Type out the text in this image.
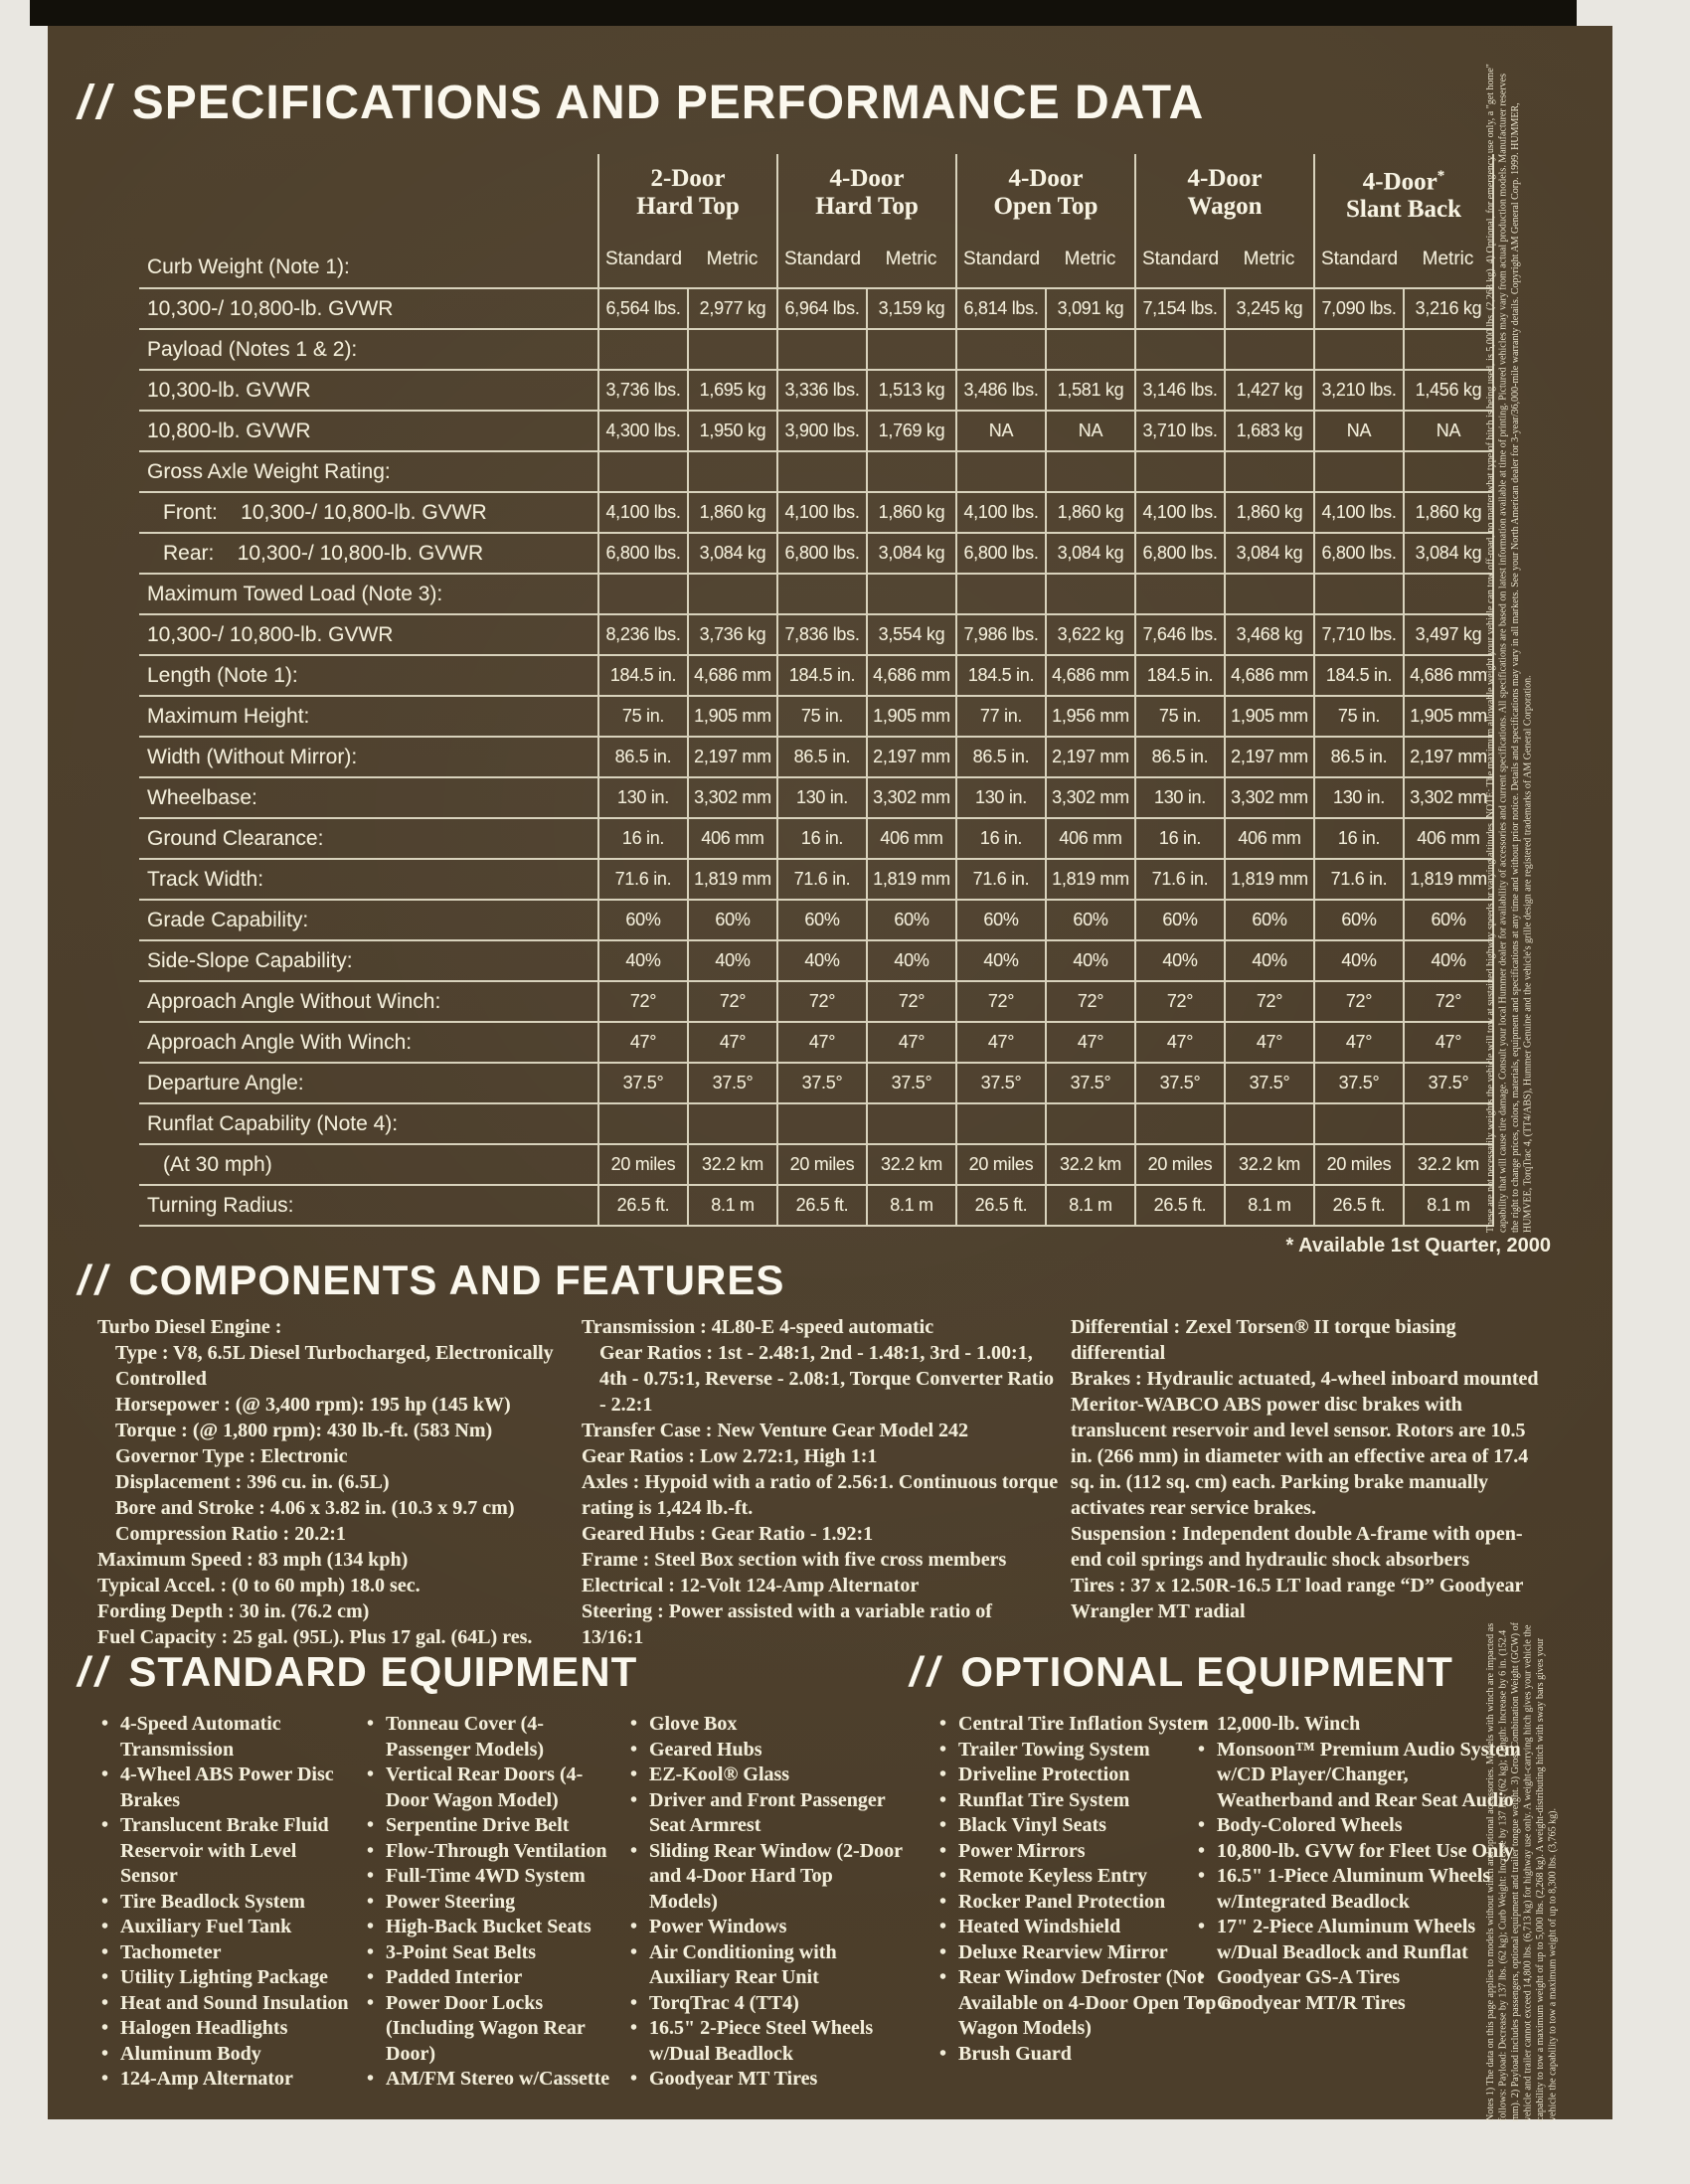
// SPECIFICATIONS AND PERFORMANCE DATA

2-Door
Hard Top

4-Door
Hard Top

4-Door
Open Top

4-Door
Wagon

4-Door*
Slant Back

Curb Weight (Note 1):	Standard	Metric	Standard	Metric	Standard	Metric	Standard	Metric	Standard	Metric
10,300-/ 10,800-lb. GVWR	6,564 lbs.	2,977 kg	6,964 lbs.	3,159 kg	6,814 lbs.	3,091 kg	7,154 lbs.	3,245 kg	7,090 lbs.	3,216 kg
Payload (Notes 1 & 2):										
10,300-lb. GVWR	3,736 lbs.	1,695 kg	3,336 lbs.	1,513 kg	3,486 lbs.	1,581 kg	3,146 lbs.	1,427 kg	3,210 lbs.	1,456 kg
10,800-lb. GVWR	4,300 lbs.	1,950 kg	3,900 lbs.	1,769 kg	NA	NA	3,710 lbs.	1,683 kg	NA	NA
Gross Axle Weight Rating:										
Front:    10,300-/ 10,800-lb. GVWR	4,100 lbs.	1,860 kg	4,100 lbs.	1,860 kg	4,100 lbs.	1,860 kg	4,100 lbs.	1,860 kg	4,100 lbs.	1,860 kg
Rear:    10,300-/ 10,800-lb. GVWR	6,800 lbs.	3,084 kg	6,800 lbs.	3,084 kg	6,800 lbs.	3,084 kg	6,800 lbs.	3,084 kg	6,800 lbs.	3,084 kg
Maximum Towed Load (Note 3):										
10,300-/ 10,800-lb. GVWR	8,236 lbs.	3,736 kg	7,836 lbs.	3,554 kg	7,986 lbs.	3,622 kg	7,646 lbs.	3,468 kg	7,710 lbs.	3,497 kg
Length (Note 1):	184.5 in.	4,686 mm	184.5 in.	4,686 mm	184.5 in.	4,686 mm	184.5 in.	4,686 mm	184.5 in.	4,686 mm
Maximum Height:	75 in.	1,905 mm	75 in.	1,905 mm	77 in.	1,956 mm	75 in.	1,905 mm	75 in.	1,905 mm
Width (Without Mirror):	86.5 in.	2,197 mm	86.5 in.	2,197 mm	86.5 in.	2,197 mm	86.5 in.	2,197 mm	86.5 in.	2,197 mm
Wheelbase:	130 in.	3,302 mm	130 in.	3,302 mm	130 in.	3,302 mm	130 in.	3,302 mm	130 in.	3,302 mm
Ground Clearance:	16 in.	406 mm	16 in.	406 mm	16 in.	406 mm	16 in.	406 mm	16 in.	406 mm
Track Width:	71.6 in.	1,819 mm	71.6 in.	1,819 mm	71.6 in.	1,819 mm	71.6 in.	1,819 mm	71.6 in.	1,819 mm
Grade Capability:	60%	60%	60%	60%	60%	60%	60%	60%	60%	60%
Side-Slope Capability:	40%	40%	40%	40%	40%	40%	40%	40%	40%	40%
Approach Angle Without Winch:	72°	72°	72°	72°	72°	72°	72°	72°	72°	72°
Approach Angle With Winch:	47°	47°	47°	47°	47°	47°	47°	47°	47°	47°
Departure Angle:	37.5°	37.5°	37.5°	37.5°	37.5°	37.5°	37.5°	37.5°	37.5°	37.5°
Runflat Capability (Note 4):										
(At 30 mph)	20 miles	32.2 km	20 miles	32.2 km	20 miles	32.2 km	20 miles	32.2 km	20 miles	32.2 km
Turning Radius:	26.5 ft.	8.1 m	26.5 ft.	8.1 m	26.5 ft.	8.1 m	26.5 ft.	8.1 m	26.5 ft.	8.1 m
* Available 1st Quarter, 2000
// COMPONENTS AND FEATURES
Turbo Diesel Engine :
Type : V8, 6.5L Diesel Turbocharged, Electronically Controlled
Horsepower : (@ 3,400 rpm): 195 hp (145 kW)
Torque : (@ 1,800 rpm): 430 lb.-ft. (583 Nm)
Governor Type : Electronic
Displacement : 396 cu. in. (6.5L)
Bore and Stroke : 4.06 x 3.82 in. (10.3 x 9.7 cm)
Compression Ratio : 20.2:1
Maximum Speed : 83 mph (134 kph)
Typical Accel. : (0 to 60 mph) 18.0 sec.
Fording Depth : 30 in. (76.2 cm)
Fuel Capacity : 25 gal. (95L). Plus 17 gal. (64L) res.
Transmission : 4L80-E 4-speed automatic
Gear Ratios : 1st - 2.48:1, 2nd - 1.48:1, 3rd - 1.00:1, 4th - 0.75:1, Reverse - 2.08:1, Torque Converter Ratio - 2.2:1
Transfer Case : New Venture Gear Model 242
Gear Ratios : Low 2.72:1, High 1:1
Axles : Hypoid with a ratio of 2.56:1. Continuous torque rating is 1,424 lb.-ft.
Geared Hubs : Gear Ratio - 1.92:1
Frame : Steel Box section with five cross members
Electrical : 12-Volt 124-Amp Alternator
Steering : Power assisted with a variable ratio of 13/16:1
Differential : Zexel Torsen® II torque biasing differential
Brakes : Hydraulic actuated, 4-wheel inboard mounted Meritor-WABCO ABS power disc brakes with translucent reservoir and level sensor. Rotors are 10.5 in. (266 mm) in diameter with an effective area of 17.4 sq. in. (112 sq. cm) each. Parking brake manually activates rear service brakes.
Suspension : Independent double A-frame with open-end coil springs and hydraulic shock absorbers
Tires : 37 x 12.50R-16.5 LT load range “D” Goodyear Wrangler MT radial
// STANDARD EQUIPMENT	// OPTIONAL EQUIPMENT
• 4-Speed Automatic Transmission
• 4-Wheel ABS Power Disc Brakes
• Translucent Brake Fluid Reservoir with Level Sensor
• Tire Beadlock System
• Auxiliary Fuel Tank
• Tachometer
• Utility Lighting Package
• Heat and Sound Insulation
• Halogen Headlights
• Aluminum Body
• 124-Amp Alternator
• Tonneau Cover (4-Passenger Models)
• Vertical Rear Doors (4-Door Wagon Model)
• Serpentine Drive Belt
• Flow-Through Ventilation
• Full-Time 4WD System
• Power Steering
• High-Back Bucket Seats
• 3-Point Seat Belts
• Padded Interior
• Power Door Locks (Including Wagon Rear Door)
• AM/FM Stereo w/Cassette
• Glove Box
• Geared Hubs
• EZ-Kool® Glass
• Driver and Front Passenger Seat Armrest
• Sliding Rear Window (2-Door and 4-Door Hard Top Models)
• Power Windows
• Air Conditioning with Auxiliary Rear Unit
• TorqTrac 4 (TT4)
• 16.5" 2-Piece Steel Wheels w/Dual Beadlock
• Goodyear MT Tires
• Central Tire Inflation System
• Trailer Towing System
• Driveline Protection
• Runflat Tire System
• Black Vinyl Seats
• Power Mirrors
• Remote Keyless Entry
• Rocker Panel Protection
• Heated Windshield
• Deluxe Rearview Mirror
• Rear Window Defroster (Not Available on 4-Door Open Top or Wagon Models)
• Brush Guard
• 12,000-lb. Winch
• Monsoon™ Premium Audio System w/CD Player/Changer, Weatherband and Rear Seat Audio
• Body-Colored Wheels
• 10,800-lb. GVW for Fleet Use Only
• 16.5" 1-Piece Aluminum Wheels w/Integrated Beadlock
• 17" 2-Piece Aluminum Wheels w/Dual Beadlock and Runflat
• Goodyear GS-A Tires
• Goodyear MT/R Tires
These are not necessarily weights the vehicle will tow at sustained highway speeds or varying altitudes. NOTE: The maximum allowable weight your vehicle can tow off-road, no matter what type of hitch is being used, is 5,000 lbs. (2,268 kg). 4) Optional, for emergency use only, a "get home" capability that will cause tire damage. Consult your local Hummer dealer for availability of accessories and current specifications. All specifications are based on latest information available at time of printing. Pictured vehicles may vary from actual production models. Manufacturer reserves the right to change prices, colors, materials, equipment and specifications at any time and without prior notice. Details and specifications may vary in all markets. See your North American dealer for 3-year/36,000-mile warranty details. Copyright AM General Corp. 1999. HUMMER, HUMVEE, TorqTrac 4, (TT4/ABS), Hummer Genuine and the vehicle's grille design are registered trademarks of AM General Corporation.
Notes 1) The data on this page applies to models without winch and optional accessories. Models with winch are impacted as follows: Payload: Decrease by 137 lbs. (62 kg); Curb Weight: Increase by 137 lbs. (62 kg); Length: Increase by 6 in. (152.4 mm). 2) Payload includes passengers, optional equipment and trailer tongue weight. 3) Gross Combination Weight (GCW) of vehicle and trailer cannot exceed 14,800 lbs. (6,713 kg) for highway use only. A weight-carrying hitch gives your vehicle the capability to tow a maximum weight of up to 5,000 lbs. (2,268 kg). A weight-distributing hitch with sway bars gives your vehicle the capability to tow a maximum weight of up to 8,300 lbs. (3,765 kg).
